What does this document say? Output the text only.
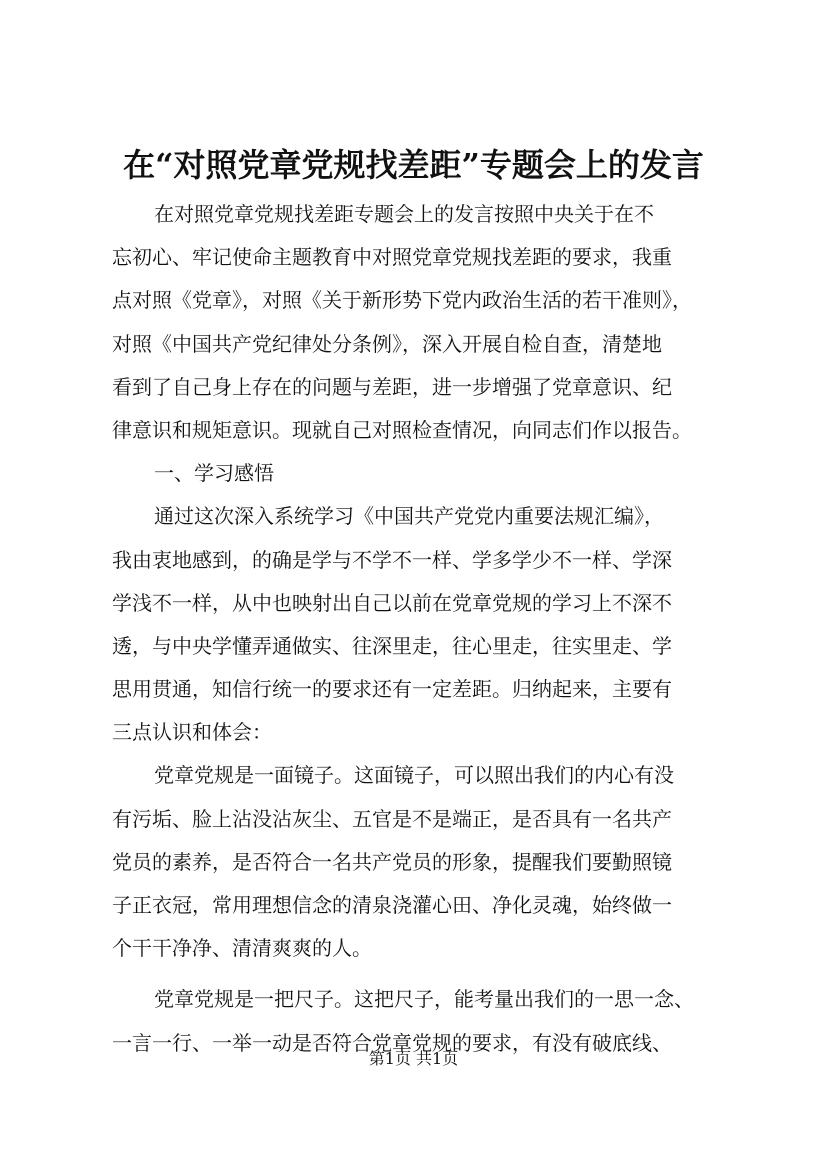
在“对照党章党规找差距”专题会上的发言
在对照党章党规找差距专题会上的发言按照中央关于在不
忘初心、牢记使命主题教育中对照党章党规找差距的要求，我重
点对照《党章》，对照《关于新形势下党内政治生活的若干准则》，
对照《中国共产党纪律处分条例》，深入开展自检自查，清楚地
看到了自己身上存在的问题与差距，进一步增强了党章意识、纪
律意识和规矩意识。现就自己对照检查情况，向同志们作以报告。
一、学习感悟
通过这次深入系统学习《中国共产党党内重要法规汇编》，
我由衷地感到，的确是学与不学不一样、学多学少不一样、学深
学浅不一样，从中也映射出自己以前在党章党规的学习上不深不
透，与中央学懂弄通做实、往深里走，往心里走，往实里走、学
思用贯通，知信行统一的要求还有一定差距。归纳起来，主要有
三点认识和体会：
党章党规是一面镜子。这面镜子，可以照出我们的内心有没
有污垢、脸上沾没沾灰尘、五官是不是端正，是否具有一名共产
党员的素养，是否符合一名共产党员的形象，提醒我们要勤照镜
子正衣冠，常用理想信念的清泉浇灌心田、净化灵魂，始终做一
个干干净净、清清爽爽的人。
党章党规是一把尺子。这把尺子，能考量出我们的一思一念、
一言一行、一举一动是否符合党章党规的要求，有没有破底线、
第1页 共1页
